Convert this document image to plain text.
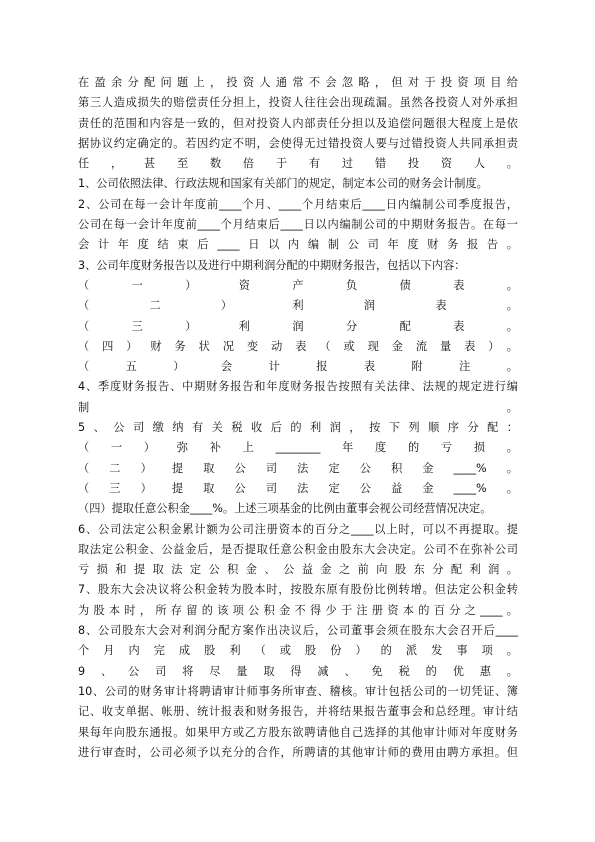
在盈余分配问题上，投资人通常不会忽略，但对于投资项目给
第三人造成损失的赔偿责任分担上，投资人往往会出现疏漏。虽然各投资人对外承担
责任的范围和内容是一致的，但对投资人内部责任分担以及追偿问题很大程度上是依
据协议约定确定的。若因约定不明，会使得无过错投资人要与过错投资人共同承担责
任，甚至数倍于有过错投资人。
1、公司依照法律、行政法规和国家有关部门的规定，制定本公司的财务会计制度。
2、公司在每一会计年度前____个月、____个月结束后____日内编制公司季度报告，
公司在每一会计年度前____个月结束后____日以内编制公司的中期财务报告。在每一
会计年度结束后____日以内编制公司年度财务报告。
3、公司年度财务报告以及进行中期利润分配的中期财务报告，包括以下内容：
（一）资产负债表。
（二）利润表。
（三）利润分配表。
（四）财务状况变动表（或现金流量表）。
（五）会计报表附注。
4、季度财务报告、中期财务报告和年度财务报告按照有关法律、法规的规定进行编
制。
5、公司缴纳有关税收后的利润，按下列顺序分配：
（一）弥补上________年度的亏损。
（二）提取公司法定公积金____%。
（三）提取公司法定公益金____%。
（四）提取任意公积金____%。上述三项基金的比例由董事会视公司经营情况决定。
6、公司法定公积金累计额为公司注册资本的百分之____以上时，可以不再提取。提
取法定公积金、公益金后，是否提取任意公积金由股东大会决定。公司不在弥补公司
亏损和提取法定公积金、公益金之前向股东分配利润。
7、股东大会决议将公积金转为股本时，按股东原有股份比例转增。但法定公积金转
为股本时，所存留的该项公积金不得少于注册资本的百分之____。
8、公司股东大会对利润分配方案作出决议后，公司董事会须在股东大会召开后____
个月内完成股利（或股份）的派发事项。
9、公司将尽量取得减、免税的优惠。
10、公司的财务审计将聘请审计师事务所审查、稽核。审计包括公司的一切凭证、簿
记、收支单据、帐册、统计报表和财务报告，并将结果报告董事会和总经理。审计结
果每年向股东通报。如果甲方或乙方股东欲聘请他自己选择的其他审计师对年度财务
进行审查时，公司必须予以充分的合作，所聘请的其他审计师的费用由聘方承担。但
